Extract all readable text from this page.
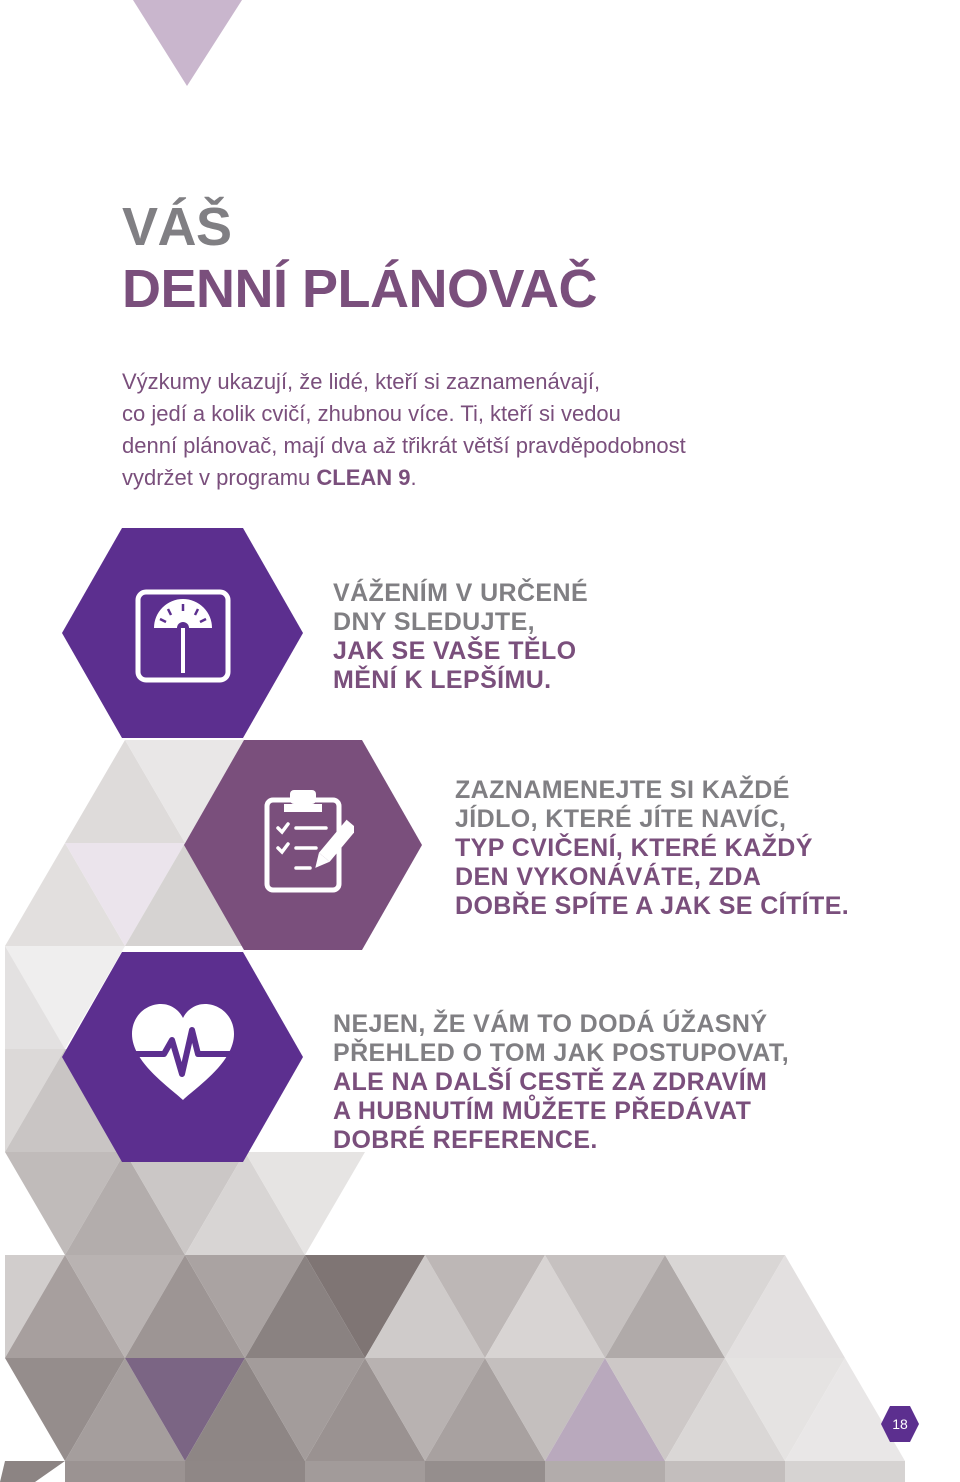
VÁŠ
DENNÍ PLÁNOVAČ

Výzkumy ukazují, že lidé, kteří si zaznamenávají,
co jedí a kolik cvičí, zhubnou více. Ti, kteří si vedou
denní plánovač, mají dva až třikrát větší pravděpodobnost
vydržet v programu CLEAN 9.

VÁŽENÍM V URČENÉ
DNY SLEDUJTE,
JAK SE VAŠE TĚLO
MĚNÍ K LEPŠÍMU.

ZAZNAMENEJTE SI KAŽDÉ
JÍDLO, KTERÉ JÍTE NAVÍC,
TYP CVIČENÍ, KTERÉ KAŽDÝ
DEN VYKONÁVÁTE, ZDA
DOBŘE SPÍTE A JAK SE CÍTÍTE.

NEJEN, ŽE VÁM TO DODÁ ÚŽASNÝ
PŘEHLED O TOM JAK POSTUPOVAT,
ALE NA DALŠÍ CESTĚ ZA ZDRAVÍM
A HUBNUTÍM MŮŽETE PŘEDÁVAT
DOBRÉ REFERENCE.

18
